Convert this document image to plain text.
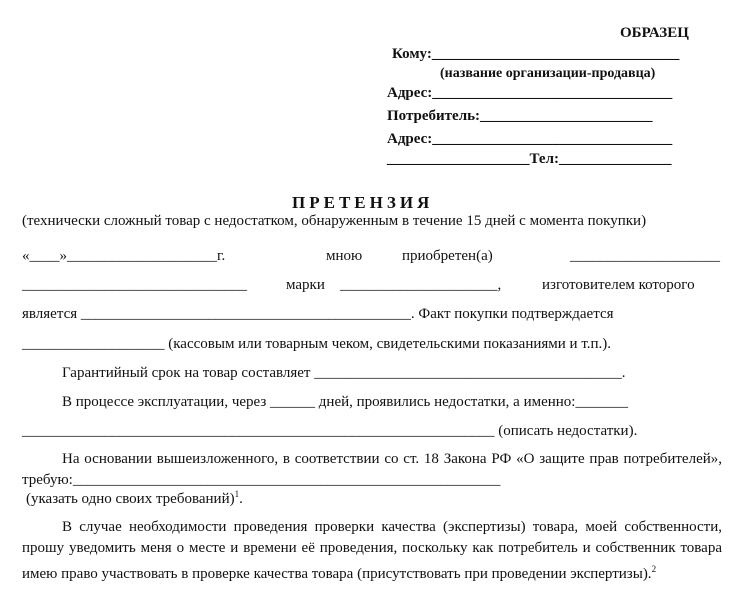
ОБРАЗЕЦ
Кому:_________________________________
(название организации-продавца)
Адрес:________________________________
Потребитель:_______________________
Адрес:________________________________
___________________Тел:_______________
ПРЕТЕНЗИЯ
(технически сложный товар с недостатком, обнаруженным в течение 15 дней с момента покупки)
«____»____________________г.	мною	приобретен(а)	____________________
______________________________	марки _____________________,	изготовителем которого
является ____________________________________________. Факт покупки подтверждается
___________________ (кассовым или товарным чеком, свидетельскими показаниями и т.п.).
Гарантийный срок на товар составляет _________________________________________.
В процессе эксплуатации, через ______ дней, проявились недостатки, а именно:_______
_______________________________________________________________ (описать недостатки).
На основании вышеизложенного, в соответствии со ст. 18 Закона РФ «О защите прав потребителей», требую:_________________________________________________________
(указать одно своих требований)$^1$.
В случае необходимости проведения проверки качества (экспертизы) товара, моей собственности, прошу уведомить меня о месте и времени её проведения, поскольку как потребитель и собственник товара имею право участвовать в проверке качества товара (присутствовать при проведении экспертизы).$^2$
